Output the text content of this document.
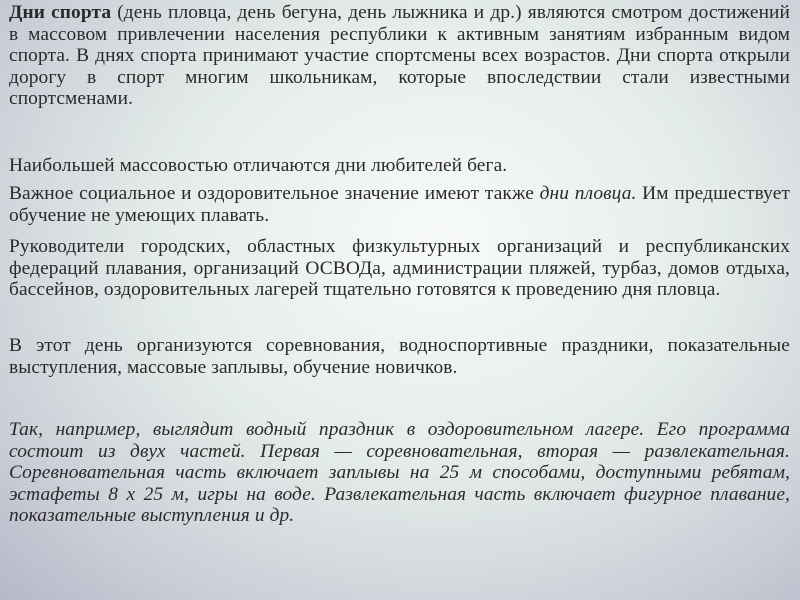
Дни спорта (день пловца, день бегуна, день лыжника и др.) являются смотром достижений в массовом привлечении населения республики к активным занятиям избранным видом спорта. В днях спорта принимают участие спортсмены всех возрастов. Дни спорта открыли дорогу в спорт многим школьникам, которые впоследствии стали известными спортсменами.

Наибольшей массовостью отличаются дни любителей бега.

Важное социальное и оздоровительное значение имеют также дни пловца. Им предшествует обучение не умеющих плавать.

Руководители городских, областных физкультурных организаций и республиканских федераций плавания, организаций ОСВОДа, администрации пляжей, турбаз, домов отдыха, бассейнов, оздоровительных лагерей тщательно готовятся к проведению дня пловца.

В этот день организуются соревнования, водноспортивные праздники, показательные выступления, массовые заплывы, обучение новичков.

Так, например, выглядит водный праздник в оздоровительном лагере. Его программа состоит из двух частей. Первая — соревновательная, вторая — развлекательная. Соревновательная часть включает заплывы на 25 м способами, доступными ребятам, эстафеты 8 x 25 м, игры на воде. Развлекательная часть включает фигурное плавание, показательные выступления и др.
